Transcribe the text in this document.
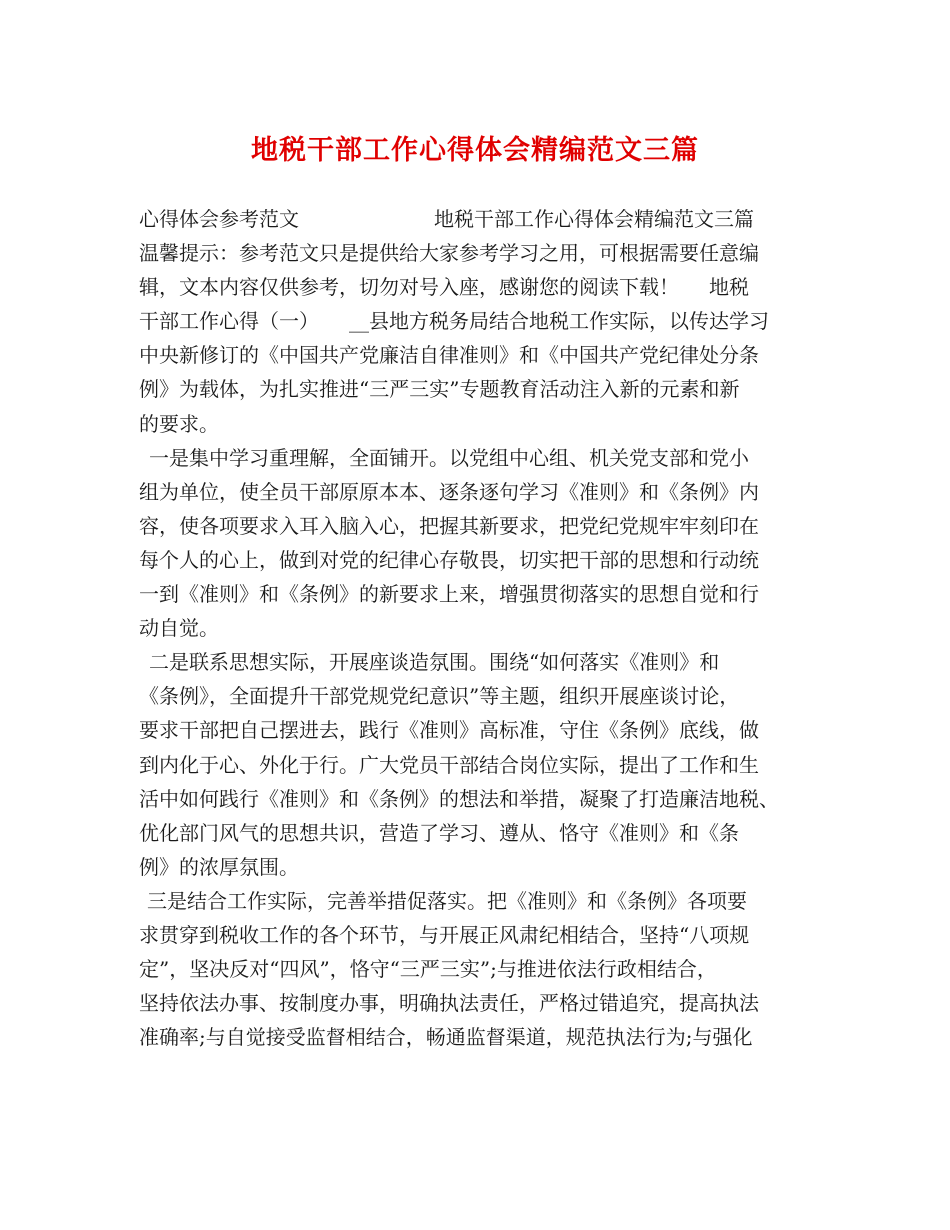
地税干部工作心得体会精编范文三篇
心得体会参考范文	地税干部工作心得体会精编范文三篇
温馨提示：参考范文只是提供给大家参考学习之用，可根据需要任意编
辑，文本内容仅供参考，切勿对号入座，感谢您的阅读下载！ 地税
干部工作心得（一） __县地方税务局结合地税工作实际，以传达学习
中央新修订的《中国共产党廉洁自律准则》和《中国共产党纪律处分条
例》为载体，为扎实推进“三严三实”专题教育活动注入新的元素和新
的要求。
一是集中学习重理解，全面铺开。以党组中心组、机关党支部和党小
组为单位，使全员干部原原本本、逐条逐句学习《准则》和《条例》内
容，使各项要求入耳入脑入心，把握其新要求，把党纪党规牢牢刻印在
每个人的心上，做到对党的纪律心存敬畏，切实把干部的思想和行动统
一到《准则》和《条例》的新要求上来，增强贯彻落实的思想自觉和行
动自觉。
二是联系思想实际，开展座谈造氛围。围绕“如何落实《准则》和
《条例》，全面提升干部党规党纪意识”等主题，组织开展座谈讨论，
要求干部把自己摆进去，践行《准则》高标准，守住《条例》底线，做
到内化于心、外化于行。广大党员干部结合岗位实际，提出了工作和生
活中如何践行《准则》和《条例》的想法和举措，凝聚了打造廉洁地税、
优化部门风气的思想共识，营造了学习、遵从、恪守《准则》和《条
例》的浓厚氛围。
三是结合工作实际，完善举措促落实。把《准则》和《条例》各项要
求贯穿到税收工作的各个环节，与开展正风肃纪相结合，坚持“八项规
定”，坚决反对“四风”，恪守“三严三实”;与推进依法行政相结合，
坚持依法办事、按制度办事，明确执法责任，严格过错追究，提高执法
准确率;与自觉接受监督相结合，畅通监督渠道，规范执法行为;与强化
